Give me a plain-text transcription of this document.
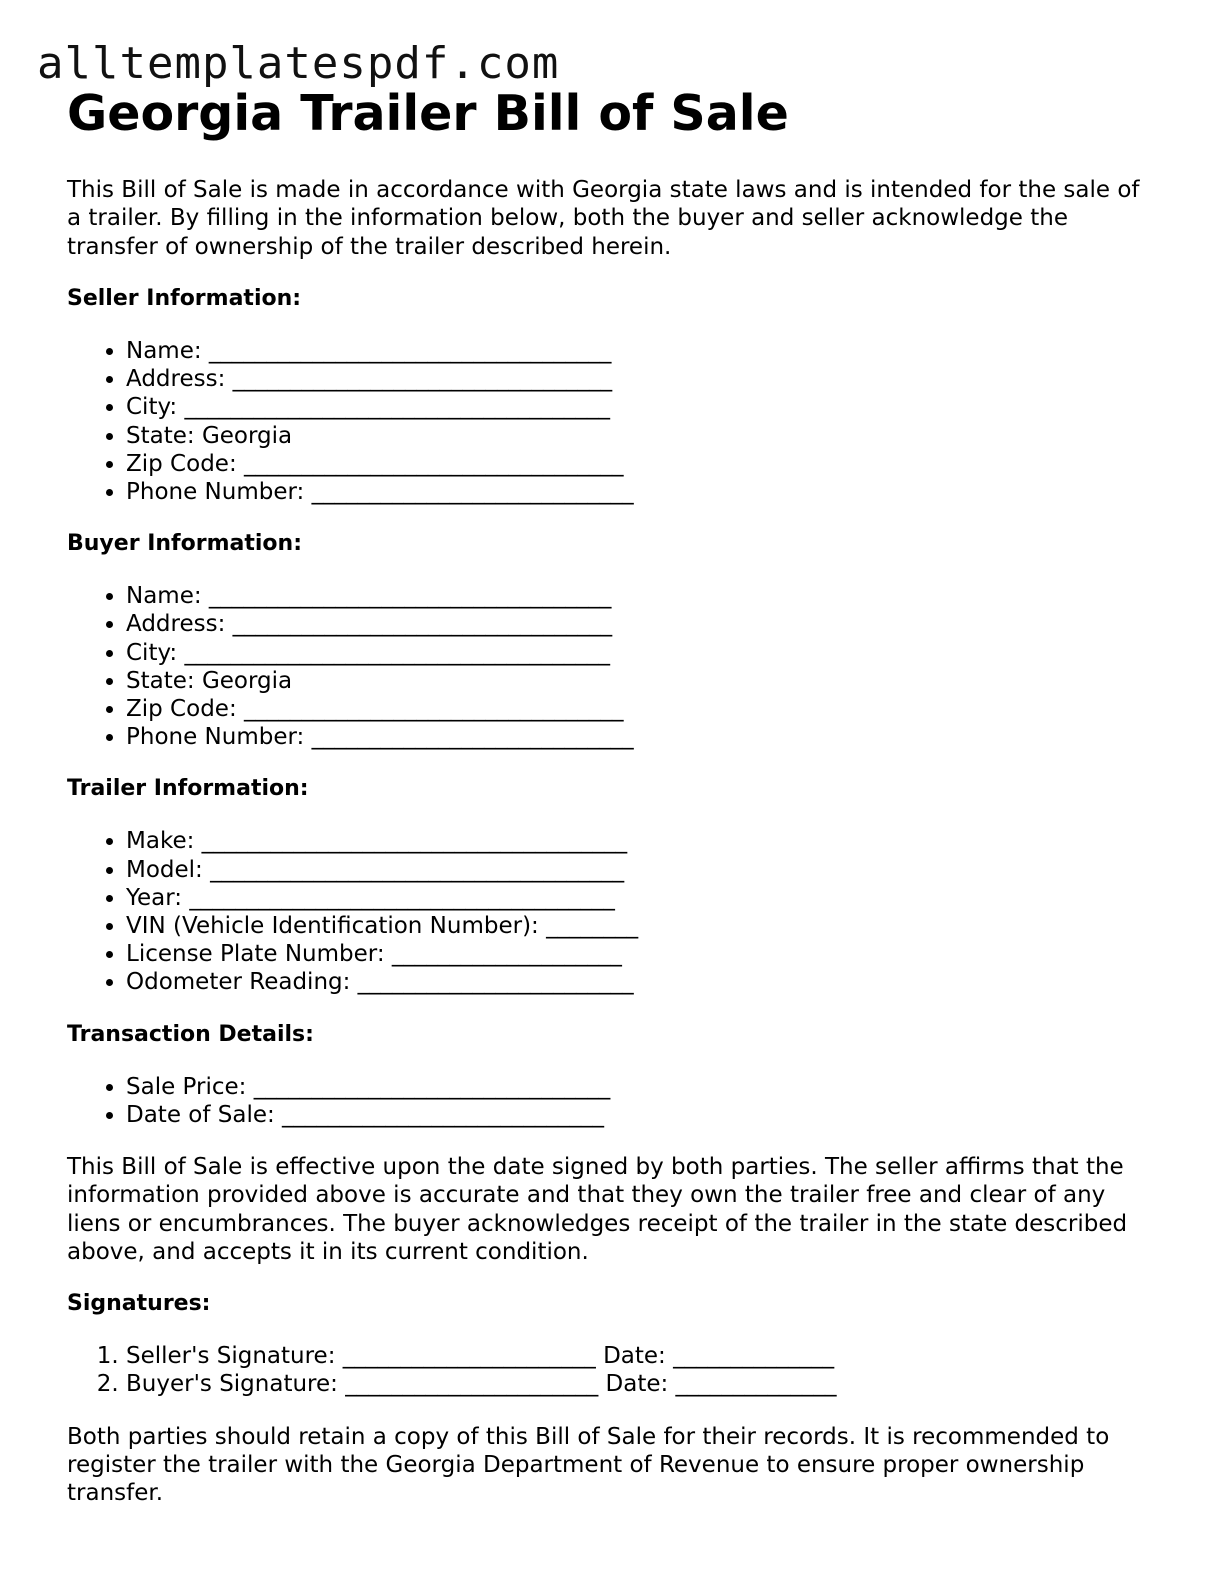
alltemplatespdf.com
Georgia Trailer Bill of Sale

This Bill of Sale is made in accordance with Georgia state laws and is intended for the sale of a trailer. By filling in the information below, both the buyer and seller acknowledge the transfer of ownership of the trailer described herein.

Seller Information:
• Name: ___________________________________
• Address: _________________________________
• City: _____________________________________
• State: Georgia
• Zip Code: _________________________________
• Phone Number: ____________________________
Buyer Information:
• Name: ___________________________________
• Address: _________________________________
• City: _____________________________________
• State: Georgia
• Zip Code: _________________________________
• Phone Number: ____________________________
Trailer Information:
• Make: _____________________________________
• Model: ____________________________________
• Year: _____________________________________
• VIN (Vehicle Identification Number): ________
• License Plate Number: ____________________
• Odometer Reading: ________________________
Transaction Details:
• Sale Price: _______________________________
• Date of Sale: ____________________________

This Bill of Sale is effective upon the date signed by both parties. The seller affirms that the information provided above is accurate and that they own the trailer free and clear of any liens or encumbrances. The buyer acknowledges receipt of the trailer in the state described above, and accepts it in its current condition.

Signatures:
1. Seller's Signature: ______________________ Date: ______________
2. Buyer's Signature: ______________________ Date: ______________

Both parties should retain a copy of this Bill of Sale for their records. It is recommended to register the trailer with the Georgia Department of Revenue to ensure proper ownership transfer.
